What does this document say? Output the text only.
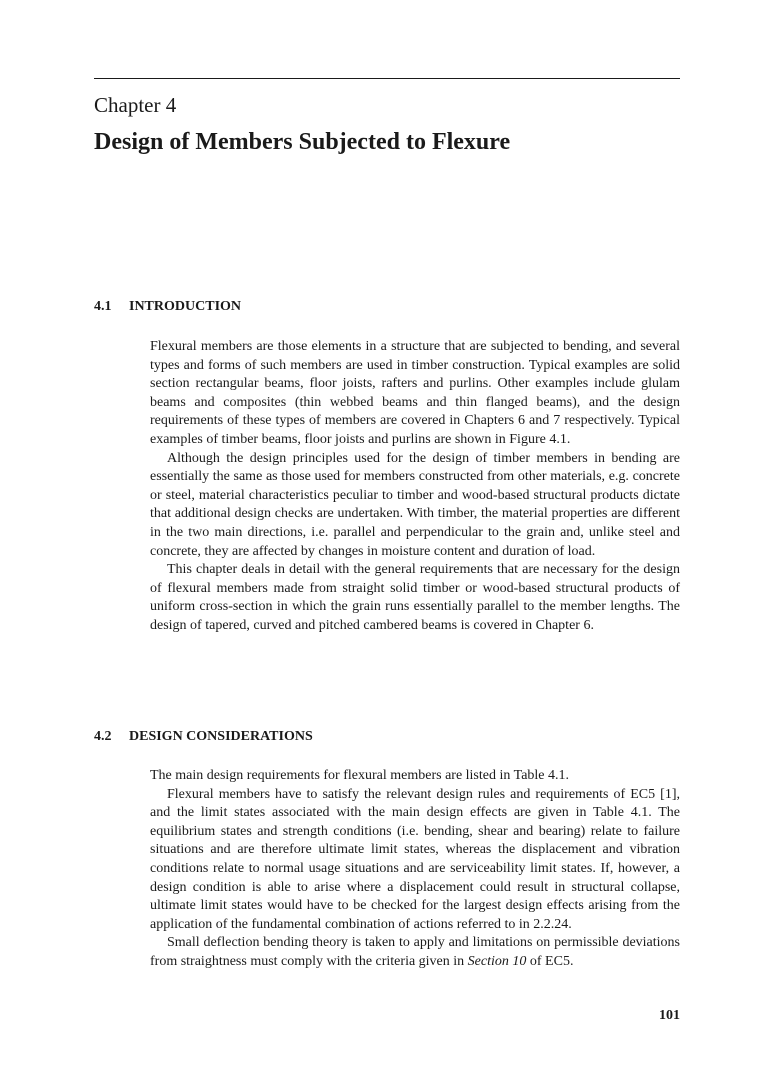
Chapter 4
Design of Members Subjected to Flexure
4.1 INTRODUCTION

Flexural members are those elements in a structure that are subjected to bending, and several types and forms of such members are used in timber construction. Typical examples are solid section rectangular beams, floor joists, rafters and purlins. Other examples include glulam beams and composites (thin webbed beams and thin flanged beams), and the design requirements of these types of members are covered in Chapters 6 and 7 respectively. Typical examples of timber beams, floor joists and purlins are shown in Figure 4.1.

Although the design principles used for the design of timber members in bending are essentially the same as those used for members constructed from other materials, e.g. concrete or steel, material characteristics peculiar to timber and wood-based structural products dictate that additional design checks are undertaken. With timber, the material properties are different in the two main directions, i.e. parallel and perpendicular to the grain and, unlike steel and concrete, they are affected by changes in moisture content and duration of load.

This chapter deals in detail with the general requirements that are necessary for the design of flexural members made from straight solid timber or wood-based structural products of uniform cross-section in which the grain runs essentially parallel to the member lengths. The design of tapered, curved and pitched cambered beams is covered in Chapter 6.

4.2 DESIGN CONSIDERATIONS

The main design requirements for flexural members are listed in Table 4.1.

Flexural members have to satisfy the relevant design rules and requirements of EC5 [1], and the limit states associated with the main design effects are given in Table 4.1. The equilibrium states and strength conditions (i.e. bending, shear and bearing) relate to failure situations and are therefore ultimate limit states, whereas the displacement and vibration conditions relate to normal usage situations and are serviceability limit states. If, however, a design condition is able to arise where a displacement could result in structural collapse, ultimate limit states would have to be checked for the largest design effects arising from the application of the fundamental combination of actions referred to in 2.2.24.

Small deflection bending theory is taken to apply and limitations on permissible deviations from straightness must comply with the criteria given in Section 10 of EC5.

101
